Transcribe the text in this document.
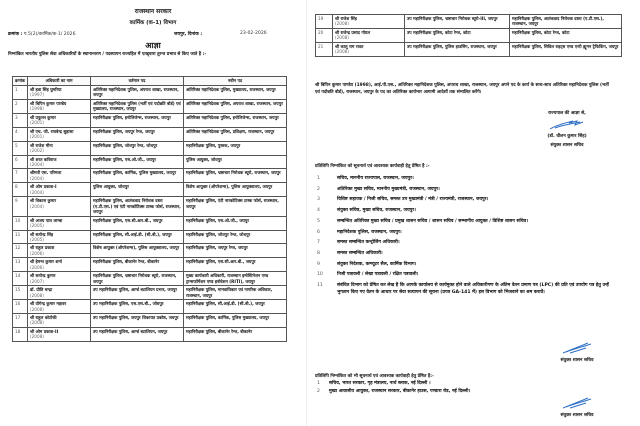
राजस्थान सरकार
कार्मिक (क-1) विभाग
क्रमांक : प.5(2)/कार्मिक/क-1/ 2026	जयपुर, दिनांक :	23-02-2026
आज्ञा
निम्नांकित भारतीय पुलिस सेवा अधिकारियों के स्थानान्तरण / पदस्थापन राज्यहित में एतद्द्वारा तुरन्त प्रभाव से किए जाते है :-
क्रमांक	अधिकारी का नाम	वर्तमान पद	नवीन पद
1	श्री हवा सिंह घुमरिया
(1997)	अतिरिक्त महानिदेशक पुलिस, अपराध शाखा, राजस्थान, जयपुर	अतिरिक्त महानिदेशक पुलिस, मुख्यालय, राजस्थान, जयपुर
2	श्री बिपिन कुमार पाण्डेय
(1998)	अतिरिक्त महानिदेशक पुलिस (भर्ती एवं पदोन्नति बोर्ड) एवं मुख्यालय, राजस्थान, जयपुर	अतिरिक्त महानिदेशक पुलिस, अपराध शाखा, राजस्थान, जयपुर
3	श्री प्रफुल्ल कुमार
(2001)	महानिरीक्षक पुलिस, इन्टेलिजेन्स, राजस्थान, जयपुर	अतिरिक्त महानिदेशक पुलिस, इन्टेलिजेन्स, राजस्थान, जयपुर
4	श्री एच. जी. राघवेन्द्र सुहासा
(2001)	महानिरीक्षक पुलिस, जयपुर रेन्ज, जयपुर	अतिरिक्त महानिदेशक पुलिस, प्रशिक्षण, राजस्थान, जयपुर
5	श्री राजेश मीना
(2002)	महानिरीक्षक पुलिस, जोधपुर रेन्ज, जोधपुर	महानिरीक्षक पुलिस, पुस्तक, जयपुर
6	श्री शरत कविराज
(2004)	महानिरीक्षक पुलिस, एस.ओ.जी., जयपुर	पुलिस आयुक्त, जोधपुर
7	श्रीमती एस. परिमला
(2004)	महानिरीक्षक पुलिस, कार्मिक, पुलिस मुख्यालय, जयपुर	महानिरीक्षक पुलिस, भ्रष्टाचार निरोधक ब्यूरो, राजस्थान, जयपुर
8	श्री ओम प्रकाश-I
(2004)	पुलिस आयुक्त, जोधपुर	विशेष आयुक्त (ऑपरेशन्स), पुलिस आयुक्तालय, जयपुर
9	श्री विकास कुमार
(2004)	महानिरीक्षक पुलिस, आतंकवाद निरोधक दस्ता (ए.टी.एस.) एवं एंटी नारकोटिक्स टास्क फोर्स, राजस्थान, जयपुर	महानिरीक्षक पुलिस, एंटी नारकोटिक्स टास्क फोर्स, राजस्थान, जयपुर
10	श्री अजय पाल लाम्बा
(2005)	महानिरीक्षक पुलिस, एस.सी.आर.बी., जयपुर	महानिरीक्षक पुलिस, एस.ओ.जी., जयपुर
11	श्री सत्येन्द्र सिंह
(2005)	महानिरीक्षक पुलिस, सी.आई.डी. (सी.बी.), जयपुर	महानिरीक्षक पुलिस, जोधपुर रेन्ज, जोधपुर
12	श्री राहुल प्रकाश
(2006)	विशेष आयुक्त (ऑपरेशन्स), पुलिस आयुक्तालय, जयपुर	महानिरीक्षक पुलिस, जयपुर रेन्ज, जयपुर
13	श्री हेमन्त कुमार शर्मा
(2006)	महानिरीक्षक पुलिस, बीकानेर रेन्ज, बीकानेर	महानिरीक्षक पुलिस, एस.सी.आर.बी., जयपुर
14	श्री सत्येन्द्र कुमार
(2007)	महानिरीक्षक पुलिस, भ्रष्टाचार निरोधक ब्यूरो, राजस्थान, जयपुर	मुख्य कार्यकारी अधिकारी, राजस्थान इन्वेस्टिगेशन एण्ड ट्रान्सफॉर्मेशन एण्ड इनोवेशन (RITI), जयपुर
15	डॉ. प्रीति चन्द्रा
(2008)	उप महानिरीक्षक पुलिस, आर्म्ड बटालियन प्रभार, जयपुर	महानिरीक्षक पुलिस, मानवाधिकार एवं नागरिक अधिकार, राजस्थान, जयपुर
16	श्री योगेन्द्र कुमार महावर
(2008)	उप महानिरीक्षक पुलिस, एस.एस.बी., जोधपुर	महानिरीक्षक पुलिस, सी.आई.डी. (सी.बी.), जयपुर
17	श्री राहुल कोटोकी
(2008)	उप महानिरीक्षक पुलिस, जयपुर शिकायत प्रकोष्ठ, जयपुर	महानिरीक्षक पुलिस, कार्मिक, पुलिस मुख्यालय, जयपुर
18	श्री ओम प्रकाश-II
(2008)	उप महानिरीक्षक पुलिस, आर्म्ड बटालियन, जयपुर	महानिरीक्षक पुलिस, बीकानेर रेन्ज, बीकानेर
19	श्री राजेश सिंह
(2008)	उप महानिरीक्षक पुलिस, भ्रष्टाचार निरोधक ब्यूरो-III, जयपुर	महानिरीक्षक पुलिस, आतंकवाद निरोधक दस्ता (ए.टी.एस.), राजस्थान, जयपुर
20	श्री राजेन्द्र प्रसाद गोयल
(2008)	उप महानिरीक्षक पुलिस, कोटा रेन्ज, कोटा	महानिरीक्षक पुलिस, कोटा रेन्ज, कोटा
21	श्री कालू राम रावत
(2008)	उप महानिरीक्षक पुलिस, पुलिस हाउसिंग, राजस्थान, जयपुर	महानिरीक्षक पुलिस, सिविल राइट्स एण्ड एन्टी ह्यूमन ट्रैफिकिंग, जयपुर
श्री बिपिन कुमार पाण्डेय (1998), आई.पी.एस., अतिरिक्त महानिदेशक पुलिस, अपराध शाखा, राजस्थान, जयपुर अपने पद के कार्य के साथ-साथ अतिरिक्त महानिदेशक पुलिस (भर्ती एवं पदोन्नति बोर्ड), राजस्थान, जयपुर के पद का अतिरिक्त कार्यभार आगामी आदेशों तक संभालित करेंगे।
राज्यपाल की आज्ञा से,
(डॉ. धौलन कुमार सिंह)
संयुक्त शासन सचिव
प्रतिलिपि निम्नांकित को सूचनार्थ एवं आवश्यक कार्यवाही हेतु प्रेषित है :-
1	सचिव, माननीय राज्यपाल, राजस्थान, जयपुर।
2	अतिरिक्त मुख्य सचिव, माननीय मुख्यमंत्री, राजस्थान, जयपुर।
3	विशिष्ट सहायक / निजी सचिव, समस्त उप मुख्यमंत्री / मंत्री / राज्यमंत्री, राजस्थान, जयपुर।
4	संयुक्त सचिव, मुख्य सचिव, राजस्थान, जयपुर।
5	सम्बन्धित अतिरिक्त मुख्य सचिव / प्रमुख शासन सचिव / शासन सचिव / सम्भागीय आयुक्त / विशिष्ट शासन सचिव।
6	महानिदेशक पुलिस, राजस्थान, जयपुर।
7	समस्त सम्बन्धित कन्ट्रोलिंग अधिकारी।
8	समस्त सम्बन्धित अधिकारी।
9	संयुक्त निदेशक, कम्प्यूटर सैल, कार्मिक विभाग।
10	निजी पत्रावली / लेखा पत्रावली / रक्षित पत्रावली।
11	संबंधित विभाग को प्रेषित कर लेख है कि आपके कार्यालय से कार्यमुक्त होने वाले अधिकारीगण के अंतिम वेतन प्रमाण पत्र (LPC) की प्रति एवं उपयोग पत्र हेतु उन्हें भुगतान किए गए वेतन के आधार पर सेवा सत्यापन की सूचना (प्रपत्र GA-141 में) इस विभाग को भिजवाने का श्रम करावें।
संयुक्त शासन सचिव
प्रतिलिपि निम्नांकित को भी सूचनार्थ एवं आवश्यक कार्यवाही हेतु प्रेषित है:-
1	सचिव, भारत सरकार, गृह मंत्रालय, नार्थ ब्लाक, नई दिल्ली ।
2	मुख्य आवासीय आयुक्त, राजस्थान सरकार, बीकानेर हाउस, पण्डारा रोड, नई दिल्ली।
संयुक्त शासन सचिव
